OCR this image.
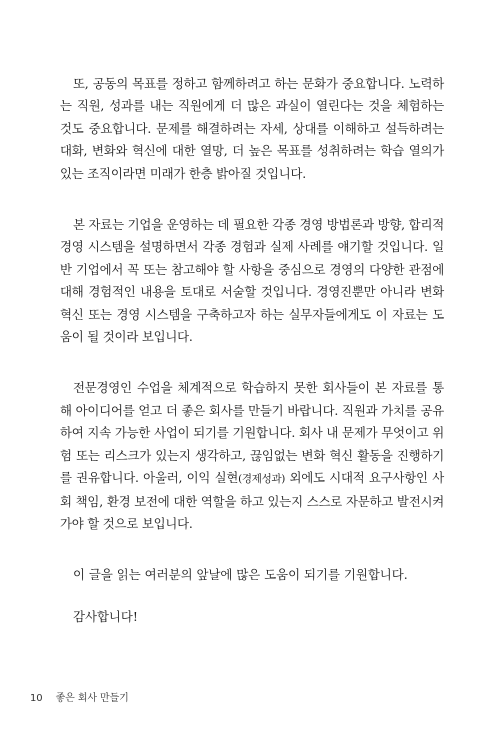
또, 공동의 목표를 정하고 함께하려고 하는 문화가 중요합니다. 노력하는 직원, 성과를 내는 직원에게 더 많은 과실이 열린다는 것을 체험하는 것도 중요합니다. 문제를 해결하려는 자세, 상대를 이해하고 설득하려는 대화, 변화와 혁신에 대한 열망, 더 높은 목표를 성취하려는 학습 열의가 있는 조직이라면 미래가 한층 밝아질 것입니다.

본 자료는 기업을 운영하는 데 필요한 각종 경영 방법론과 방향, 합리적 경영 시스템을 설명하면서 각종 경험과 실제 사례를 얘기할 것입니다. 일반 기업에서 꼭 또는 참고해야 할 사항을 중심으로 경영의 다양한 관점에 대해 경험적인 내용을 토대로 서술할 것입니다. 경영진뿐만 아니라 변화혁신 또는 경영 시스템을 구축하고자 하는 실무자들에게도 이 자료는 도움이 될 것이라 보입니다.

전문경영인 수업을 체계적으로 학습하지 못한 회사들이 본 자료를 통해 아이디어를 얻고 더 좋은 회사를 만들기 바랍니다. 직원과 가치를 공유하여 지속 가능한 사업이 되기를 기원합니다. 회사 내 문제가 무엇이고 위험 또는 리스크가 있는지 생각하고, 끊임없는 변화 혁신 활동을 진행하기를 권유합니다. 아울러, 이익 실현(경제성과) 외에도 시대적 요구사항인 사회 책임, 환경 보전에 대한 역할을 하고 있는지 스스로 자문하고 발전시켜 가야 할 것으로 보입니다.

이 글을 읽는 여러분의 앞날에 많은 도움이 되기를 기원합니다.

감사합니다!

10 좋은 회사 만들기
